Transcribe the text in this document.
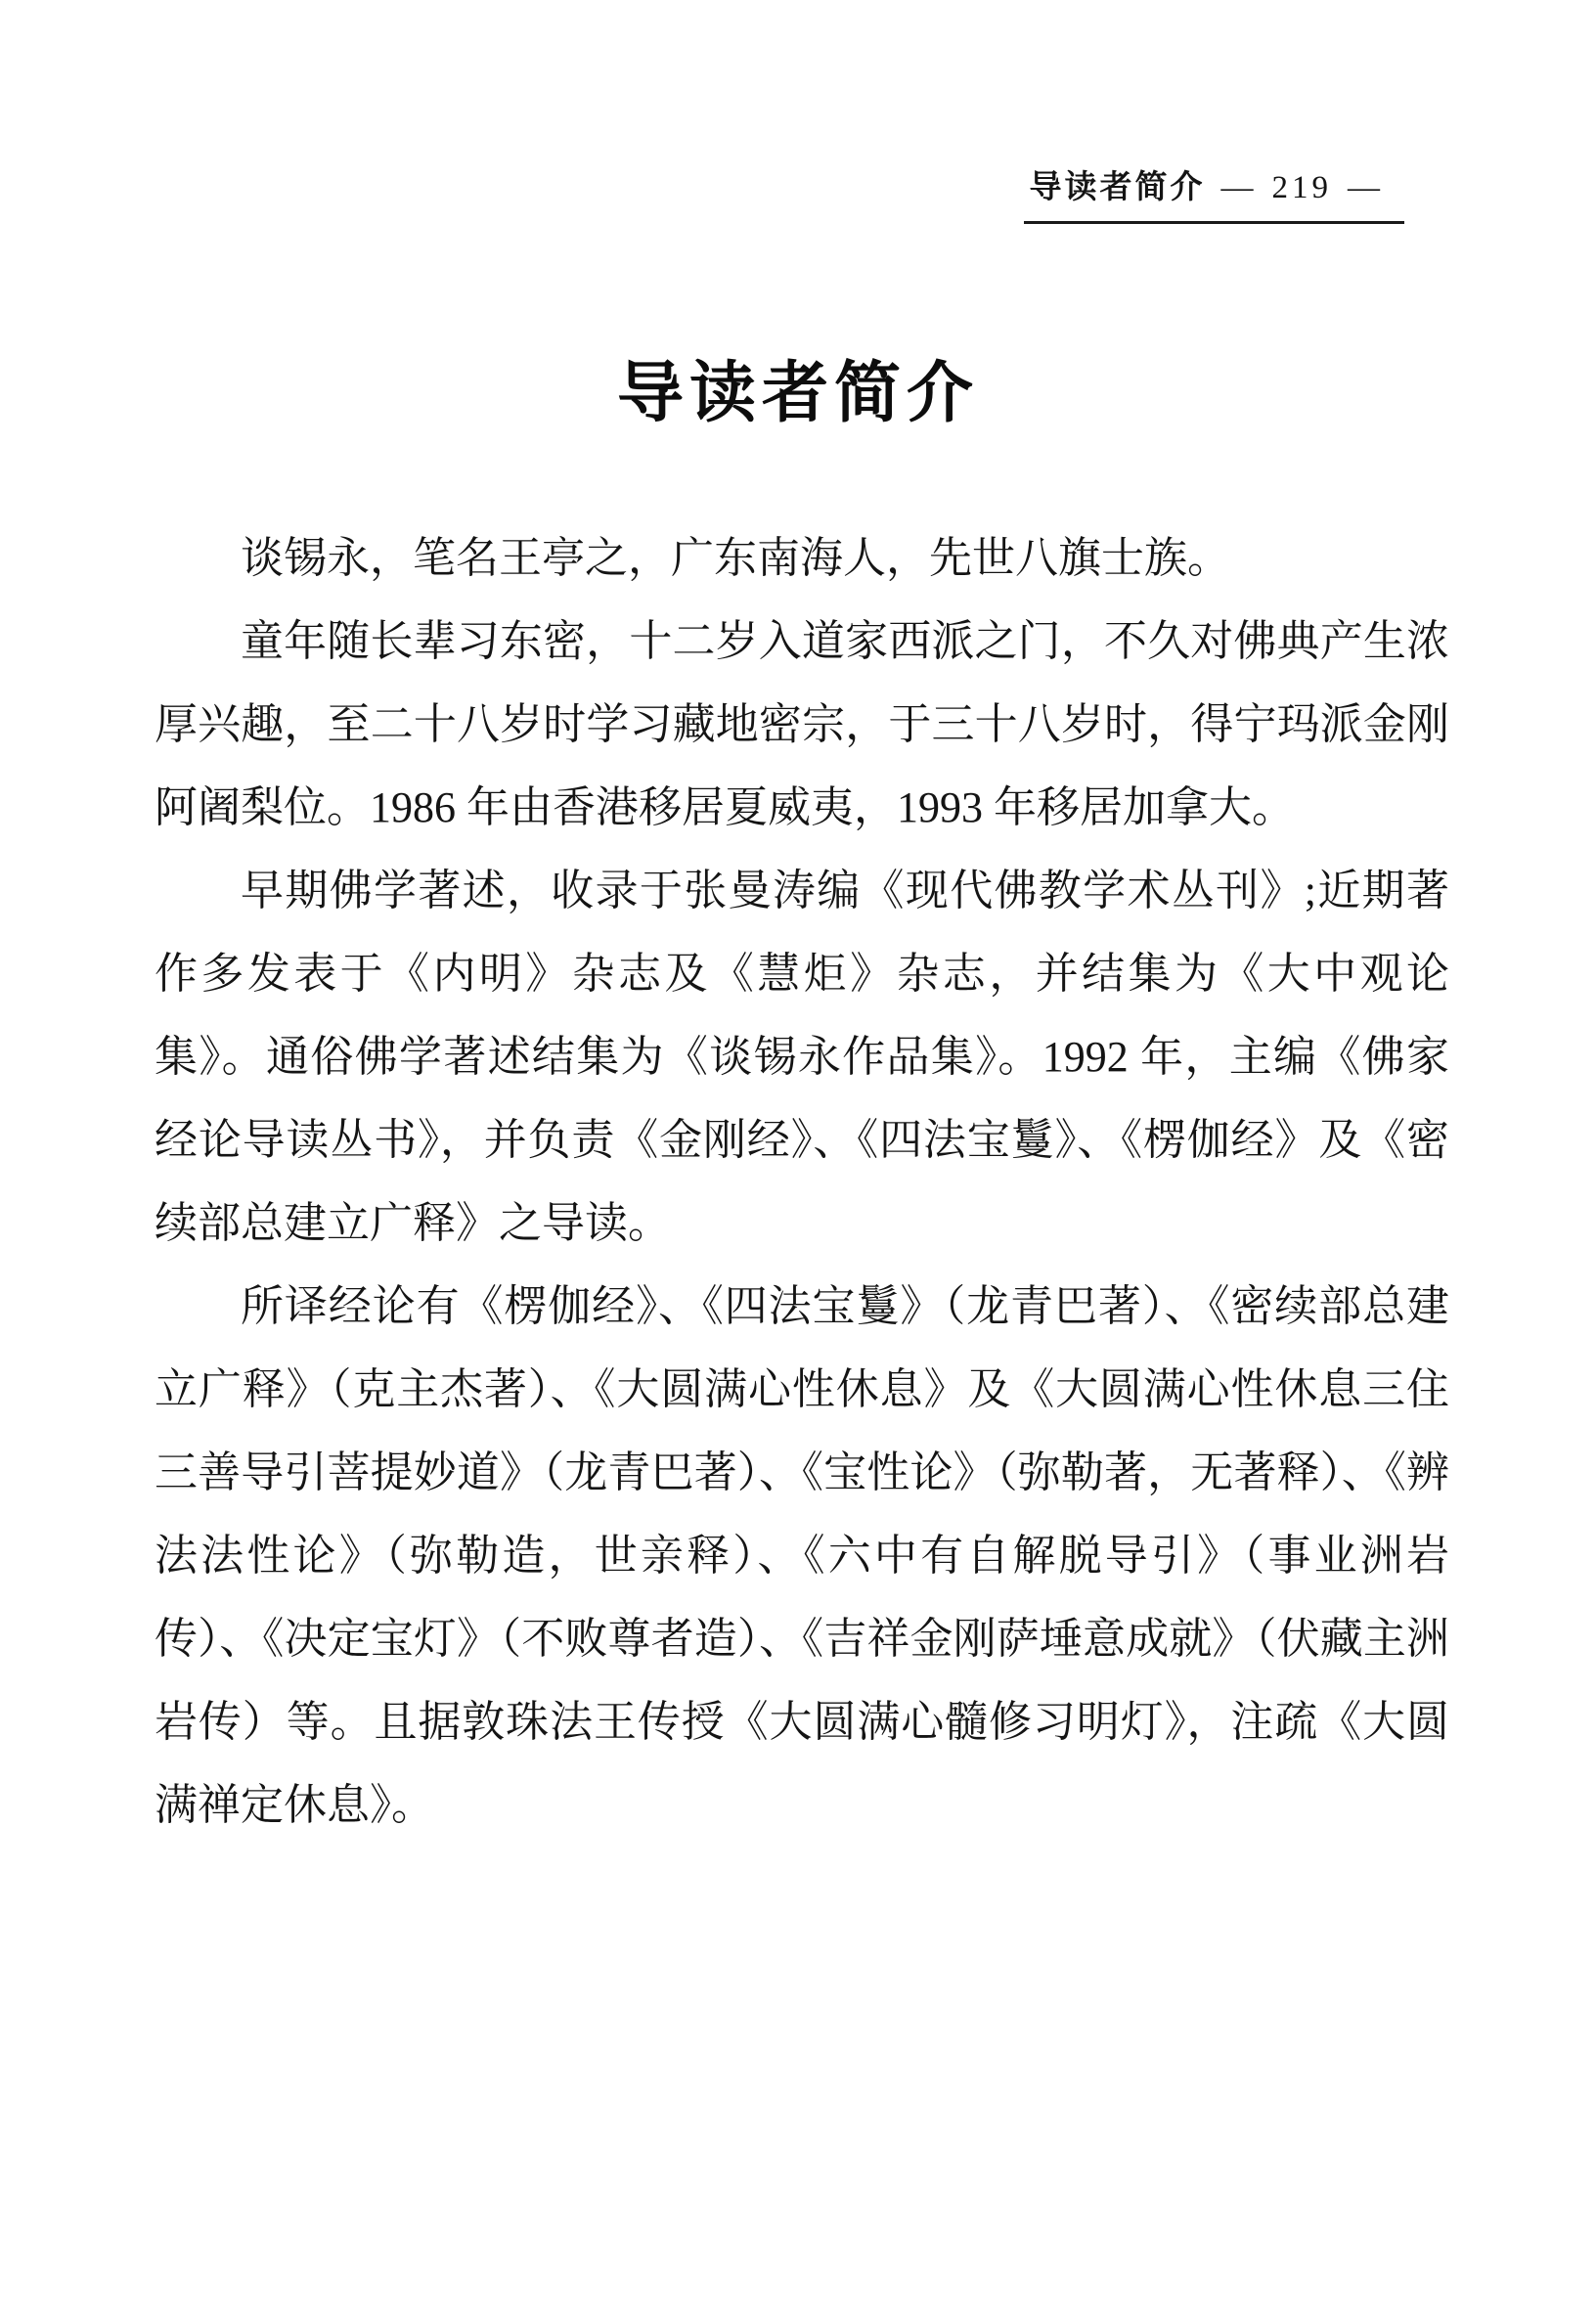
导读者简介 — 219 —
导读者简介

谈锡永，笔名王亭之，广东南海人，先世八旗士族。

童年随长辈习东密，十二岁入道家西派之门，不久对佛典产生浓厚兴趣，至二十八岁时学习藏地密宗，于三十八岁时，得宁玛派金刚阿阇梨位。1986 年由香港移居夏威夷，1993 年移居加拿大。

早期佛学著述，收录于张曼涛编《现代佛教学术丛刊》;近期著作多发表于《内明》杂志及《慧炬》杂志，并结集为《大中观论集》。通俗佛学著述结集为《谈锡永作品集》。1992 年，主编《佛家经论导读丛书》，并负责《金刚经》、《四法宝鬘》、《楞伽经》及《密续部总建立广释》之导读。

所译经论有《楞伽经》、《四法宝鬘》（龙青巴著）、《密续部总建立广释》（克主杰著）、《大圆满心性休息》及《大圆满心性休息三住三善导引菩提妙道》（龙青巴著）、《宝性论》（弥勒著，无著释）、《辨法法性论》（弥勒造，世亲释）、《六中有自解脱导引》（事业洲岩传）、《决定宝灯》（不败尊者造）、《吉祥金刚萨埵意成就》（伏藏主洲岩传）等。且据敦珠法王传授《大圆满心髓修习明灯》，注疏《大圆满禅定休息》。
